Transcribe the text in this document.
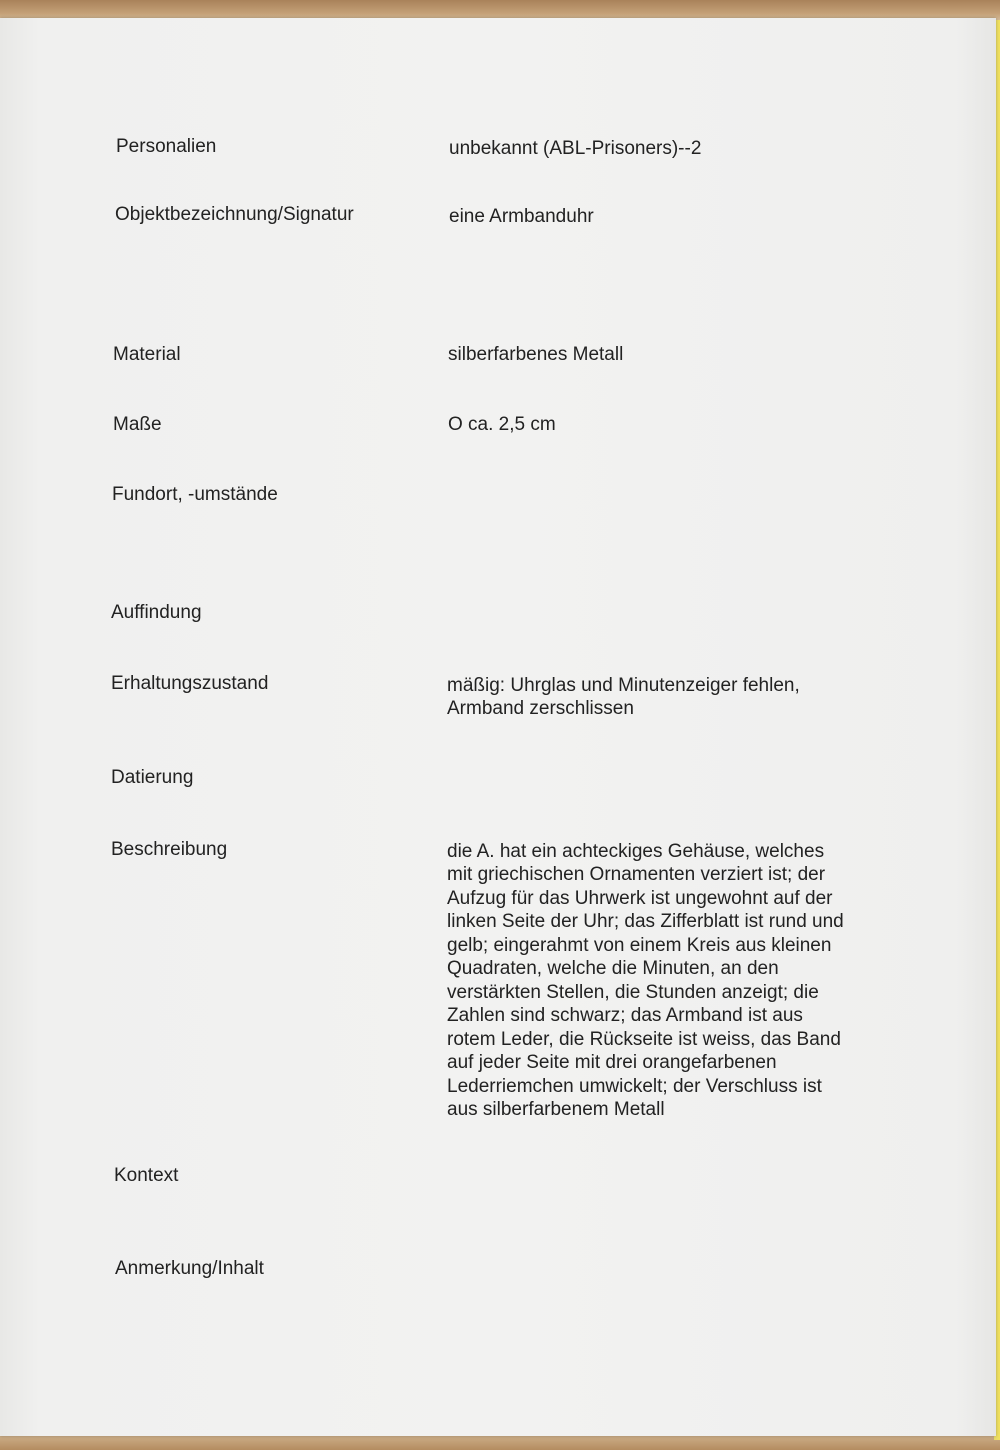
Personalien	unbekannt (ABL-Prisoners)--2
Objektbezeichnung/Signatur	eine Armbanduhr
Material	silberfarbenes Metall
Maße	O ca. 2,5 cm
Fundort, -umstände
Auffindung
Erhaltungszustand	mäßig: Uhrglas und Minutenzeiger fehlen,
Armband zerschlissen
Datierung
Beschreibung	die A. hat ein achteckiges Gehäuse, welches
mit griechischen Ornamenten verziert ist; der
Aufzug für das Uhrwerk ist ungewohnt auf der
linken Seite der Uhr; das Zifferblatt ist rund und
gelb; eingerahmt von einem Kreis aus kleinen
Quadraten, welche die Minuten, an den
verstärkten Stellen, die Stunden anzeigt; die
Zahlen sind schwarz; das Armband ist aus
rotem Leder, die Rückseite ist weiss, das Band
auf jeder Seite mit drei orangefarbenen
Lederriemchen umwickelt; der Verschluss ist
aus silberfarbenem Metall
Kontext
Anmerkung/Inhalt
